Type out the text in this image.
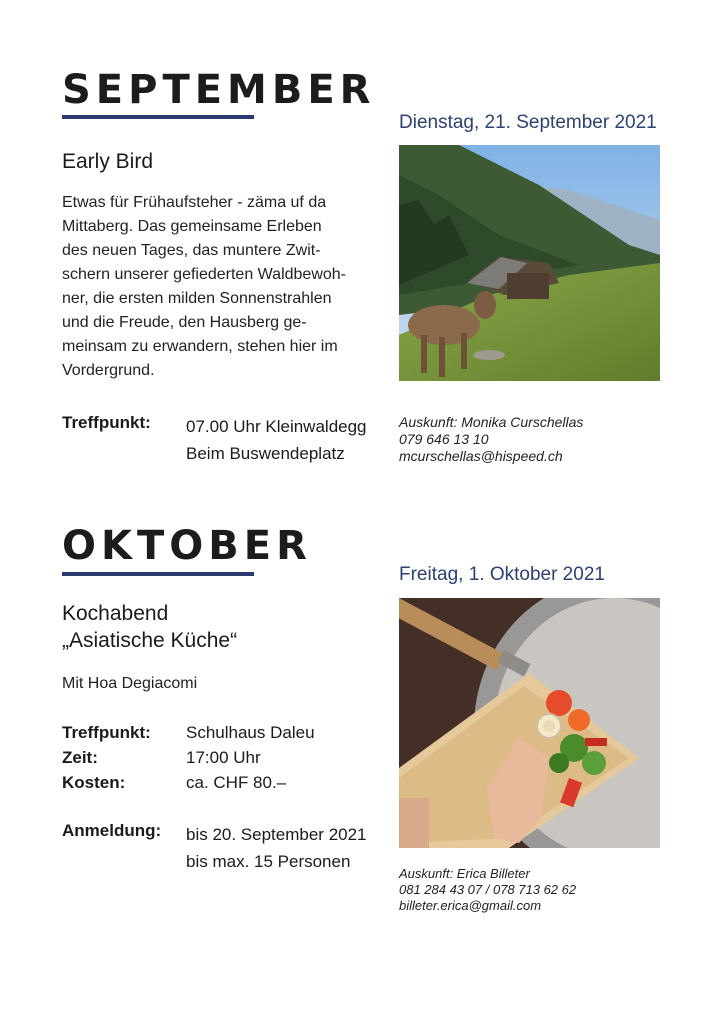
SEPTEMBER
Dienstag, 21. September 2021
Early Bird
Etwas für Frühaufsteher - zäma uf da
Mittaberg. Das gemeinsame Erleben
des neuen Tages, das muntere Zwit-
schern unserer gefiederten Waldbewoh-
ner, die ersten milden Sonnenstrahlen
und die Freude, den Hausberg ge-
meinsam zu erwandern, stehen hier im
Vordergrund.
Treffpunkt: 07.00 Uhr Kleinwaldegg
Beim Buswendeplatz
Auskunft: Monika Curschellas
079 646 13 10
mcurschellas@hispeed.ch
OKTOBER
Freitag, 1. Oktober 2021
Kochabend
„Asiatische Küche“
Mit Hoa Degiacomi
Treffpunkt: Schulhaus Daleu
Zeit:	17:00 Uhr
Kosten:	ca. CHF 80.–
Anmeldung: bis 20. September 2021
bis max. 15 Personen
Auskunft: Erica Billeter
081 284 43 07 / 078 713 62 62
billeter.erica@gmail.com
